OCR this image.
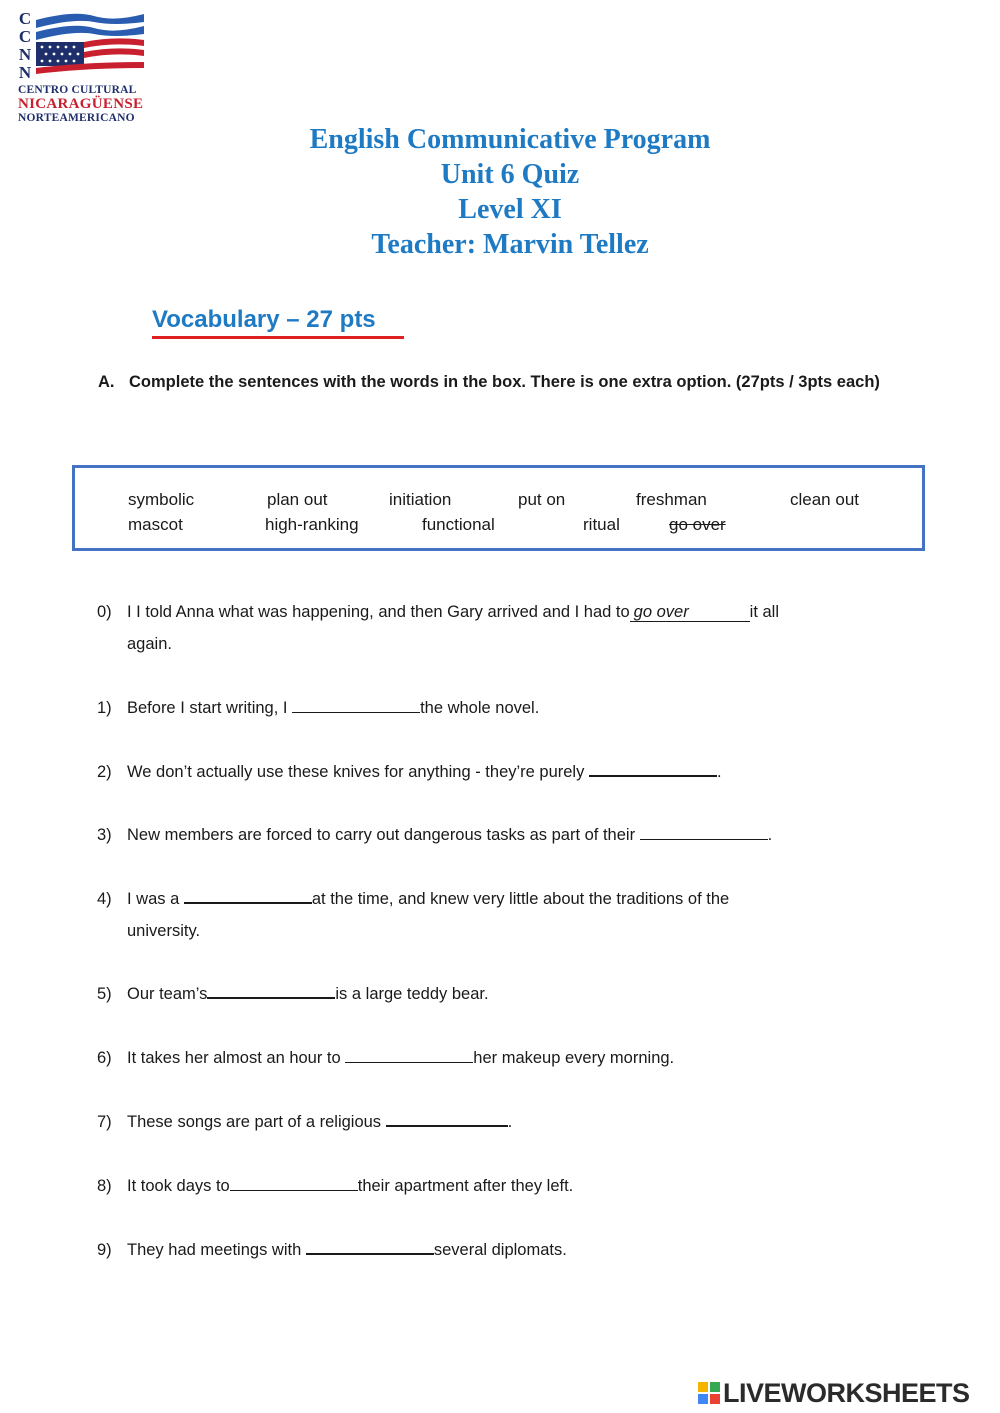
C
C
N
N
CENTRO CULTURAL
NICARAGÜENSE
NORTEAMERICANO
English Communicative Program
Unit 6 Quiz
Level XI
Teacher: Marvin Tellez
Vocabulary – 27 pts
A. Complete the sentences with the words in the box. There is one extra option. (27pts / 3pts each)
symbolic	plan out	initiation	put on	freshman	clean out
mascot	high-ranking	functional	ritual	go over
0) I I told Anna what was happening, and then Gary arrived and I had to go over	it all
again.
1) Before I start writing, I	the whole novel.
2) We don’t actually use these knives for anything - they’re purely	.
3) New members are forced to carry out dangerous tasks as part of their	.
4) I was a	at the time, and knew very little about the traditions of the
university.
5) Our team’s	is a large teddy bear.
6) It takes her almost an hour to	her makeup every morning.
7) These songs are part of a religious	.
8) It took days to	their apartment after they left.
9) They had meetings with	several diplomats.
LIVEWORKSHEETS
